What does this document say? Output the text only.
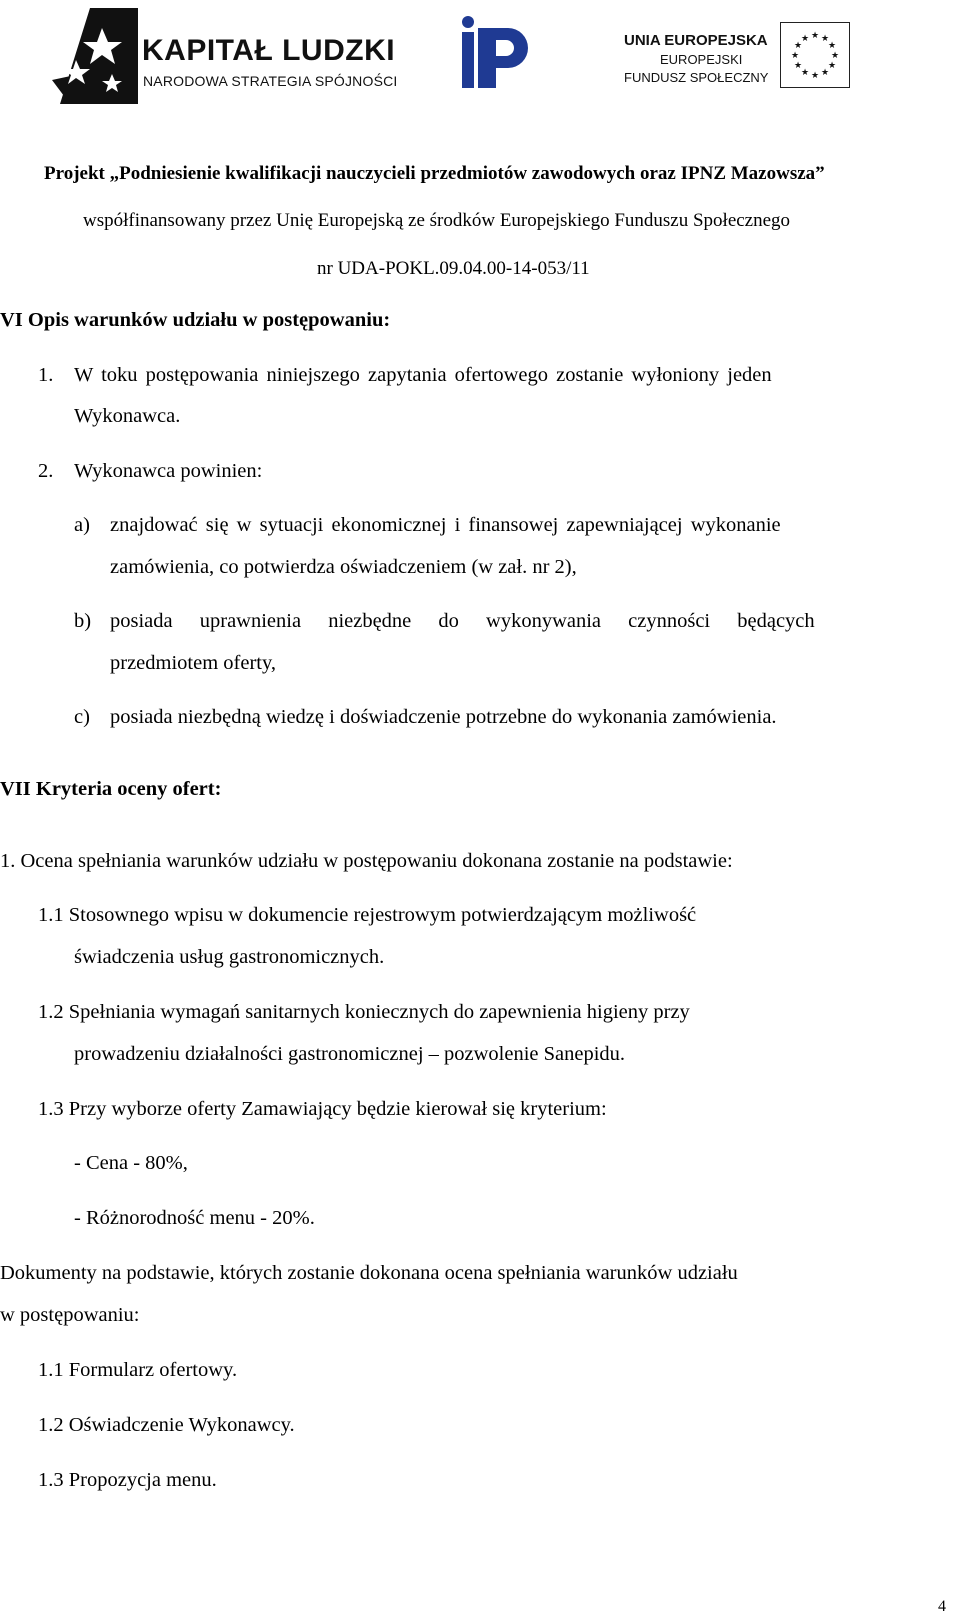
KAPITAŁ LUDZKI
NARODOWA STRATEGIA SPÓJNOŚCI
UNIA EUROPEJSKA
EUROPEJSKI
FUNDUSZ SPOŁECZNY
★ ★
★
★
★
★
★
★
★
★
★
★
Projekt „Podniesienie kwalifikacji nauczycieli przedmiotów zawodowych oraz IPNZ Mazowsza”
współfinansowany przez Unię Europejską ze środków Europejskiego Funduszu Społecznego
nr UDA-POKL.09.04.00-14-053/11
VI Opis warunków udziału w postępowaniu:
1. W toku postępowania niniejszego zapytania ofertowego zostanie wyłoniony jeden
Wykonawca.
2. Wykonawca powinien:
a) znajdować się w sytuacji ekonomicznej i finansowej zapewniającej wykonanie
zamówienia, co potwierdza oświadczeniem (w zał. nr 2),
b) posiada uprawnienia niezbędne do wykonywania czynności będących
przedmiotem oferty,
c) posiada niezbędną wiedzę i doświadczenie potrzebne do wykonania zamówienia.
VII Kryteria oceny ofert:
1. Ocena spełniania warunków udziału w postępowaniu dokonana zostanie na podstawie:
1.1 Stosownego wpisu w dokumencie rejestrowym potwierdzającym możliwość
świadczenia usług gastronomicznych.
1.2 Spełniania wymagań sanitarnych koniecznych do zapewnienia higieny przy
prowadzeniu działalności gastronomicznej – pozwolenie Sanepidu.
1.3 Przy wyborze oferty Zamawiający będzie kierował się kryterium:
- Cena - 80%,
- Różnorodność menu - 20%.
Dokumenty na podstawie, których zostanie dokonana ocena spełniania warunków udziału
w postępowaniu:
1.1 Formularz ofertowy.
1.2 Oświadczenie Wykonawcy.
1.3 Propozycja menu.
4
